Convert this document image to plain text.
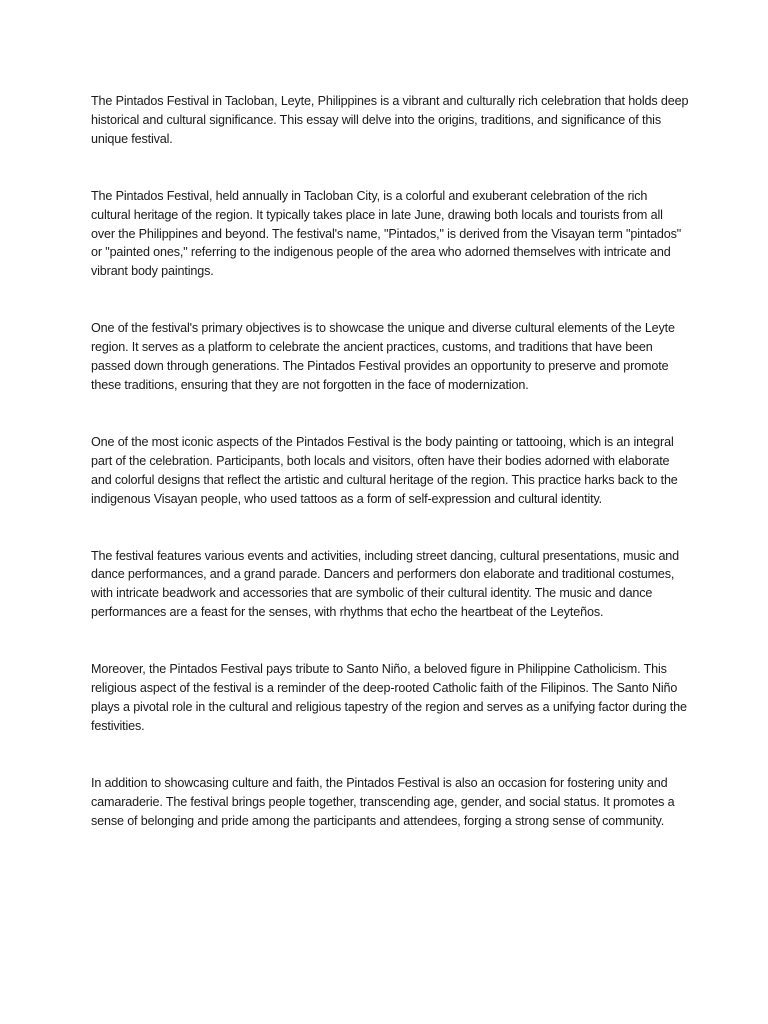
The Pintados Festival in Tacloban, Leyte, Philippines is a vibrant and culturally rich celebration that holds deep historical and cultural significance. This essay will delve into the origins, traditions, and significance of this unique festival.

The Pintados Festival, held annually in Tacloban City, is a colorful and exuberant celebration of the rich cultural heritage of the region. It typically takes place in late June, drawing both locals and tourists from all over the Philippines and beyond. The festival's name, "Pintados," is derived from the Visayan term "pintados" or "painted ones," referring to the indigenous people of the area who adorned themselves with intricate and vibrant body paintings.

One of the festival's primary objectives is to showcase the unique and diverse cultural elements of the Leyte region. It serves as a platform to celebrate the ancient practices, customs, and traditions that have been passed down through generations. The Pintados Festival provides an opportunity to preserve and promote these traditions, ensuring that they are not forgotten in the face of modernization.

One of the most iconic aspects of the Pintados Festival is the body painting or tattooing, which is an integral part of the celebration. Participants, both locals and visitors, often have their bodies adorned with elaborate and colorful designs that reflect the artistic and cultural heritage of the region. This practice harks back to the indigenous Visayan people, who used tattoos as a form of self-expression and cultural identity.

The festival features various events and activities, including street dancing, cultural presentations, music and dance performances, and a grand parade. Dancers and performers don elaborate and traditional costumes, with intricate beadwork and accessories that are symbolic of their cultural identity. The music and dance performances are a feast for the senses, with rhythms that echo the heartbeat of the Leyteños.

Moreover, the Pintados Festival pays tribute to Santo Niño, a beloved figure in Philippine Catholicism. This religious aspect of the festival is a reminder of the deep-rooted Catholic faith of the Filipinos. The Santo Niño plays a pivotal role in the cultural and religious tapestry of the region and serves as a unifying factor during the festivities.

In addition to showcasing culture and faith, the Pintados Festival is also an occasion for fostering unity and camaraderie. The festival brings people together, transcending age, gender, and social status. It promotes a sense of belonging and pride among the participants and attendees, forging a strong sense of community.
